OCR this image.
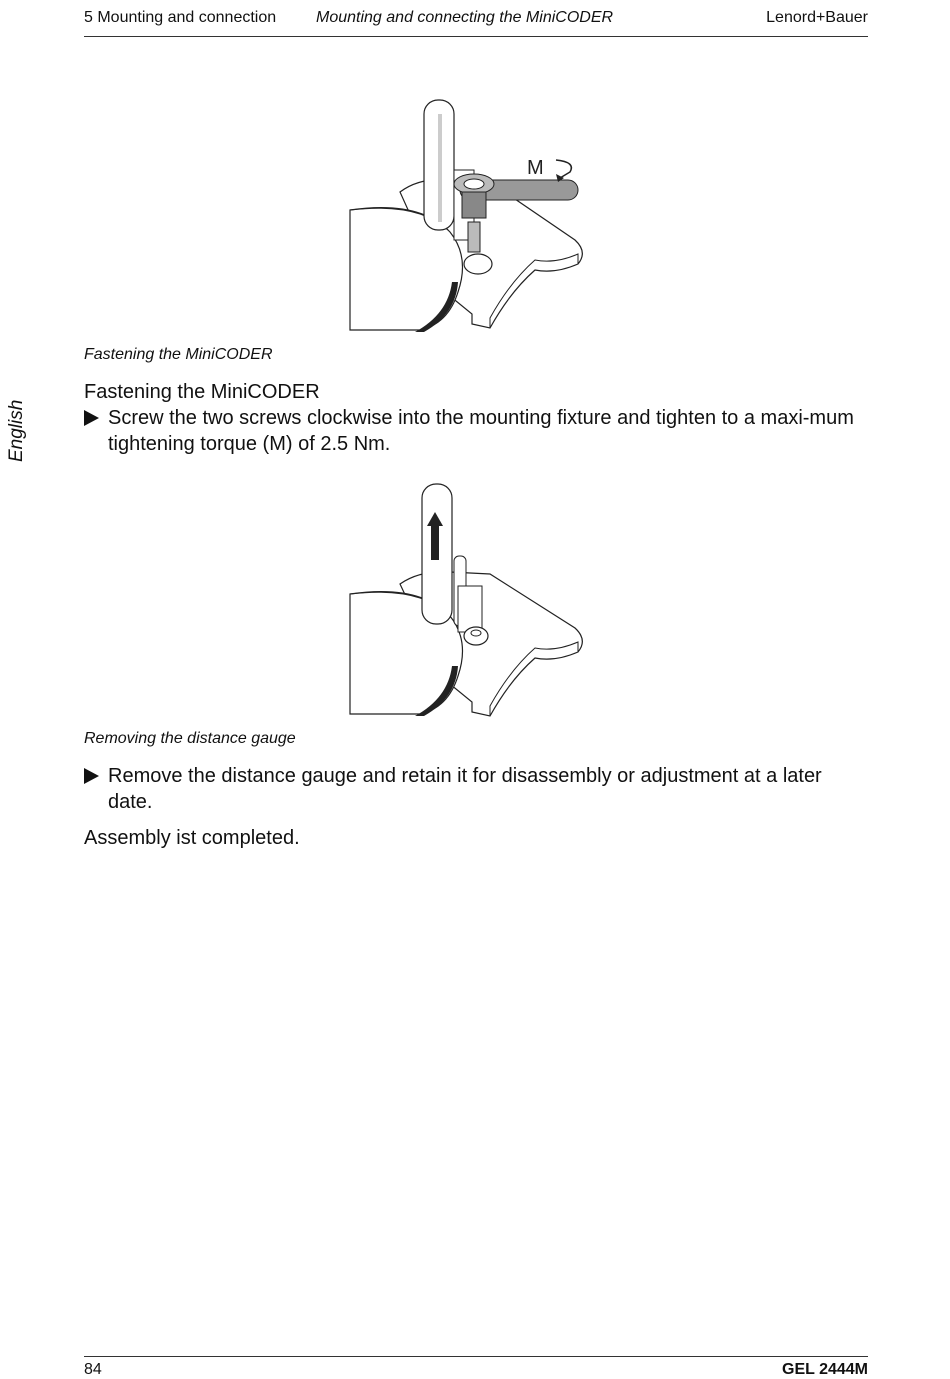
5 Mounting and connection Mounting and connecting the MiniCODER	Lenord+Bauer
English
M
Fastening the MiniCODER
Fastening the MiniCODER
Screw the two screws clockwise into the mounting fixture and tighten to a maxi-mum tightening torque (M) of 2.5 Nm.
Removing the distance gauge
Remove the distance gauge and retain it for disassembly or adjustment at a later date.
Assembly ist completed.
84	GEL 2444M
